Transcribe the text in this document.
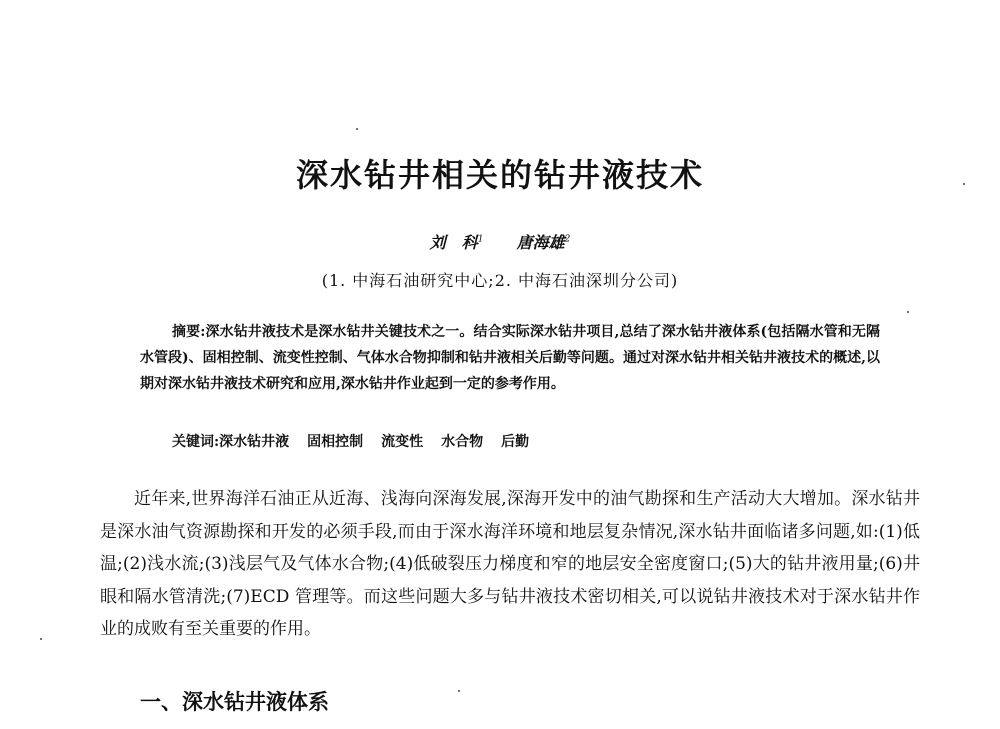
深水钻井相关的钻井液技术
刘　科$^1$ 唐海雄$^2$
(1. 中海石油研究中心;2. 中海石油深圳分公司)
摘要:深水钻井液技术是深水钻井关键技术之一。结合实际深水钻井项目,总结了深水钻井液体系(包括隔水管和无隔水管段)、固相控制、流变性控制、气体水合物抑制和钻井液相关后勤等问题。通过对深水钻井相关钻井液技术的概述,以期对深水钻井液技术研究和应用,深水钻井作业起到一定的参考作用。
关键词:深水钻井液 固相控制 流变性 水合物 后勤
近年来,世界海洋石油正从近海、浅海向深海发展,深海开发中的油气勘探和生产活动大大增加。深水钻井是深水油气资源勘探和开发的必须手段,而由于深水海洋环境和地层复杂情况,深水钻井面临诸多问题,如:(1)低温;(2)浅水流;(3)浅层气及气体水合物;(4)低破裂压力梯度和窄的地层安全密度窗口;(5)大的钻井液用量;(6)井眼和隔水管清洗;(7)ECD 管理等。而这些问题大多与钻井液技术密切相关,可以说钻井液技术对于深水钻井作业的成败有至关重要的作用。
一、深水钻井液体系
